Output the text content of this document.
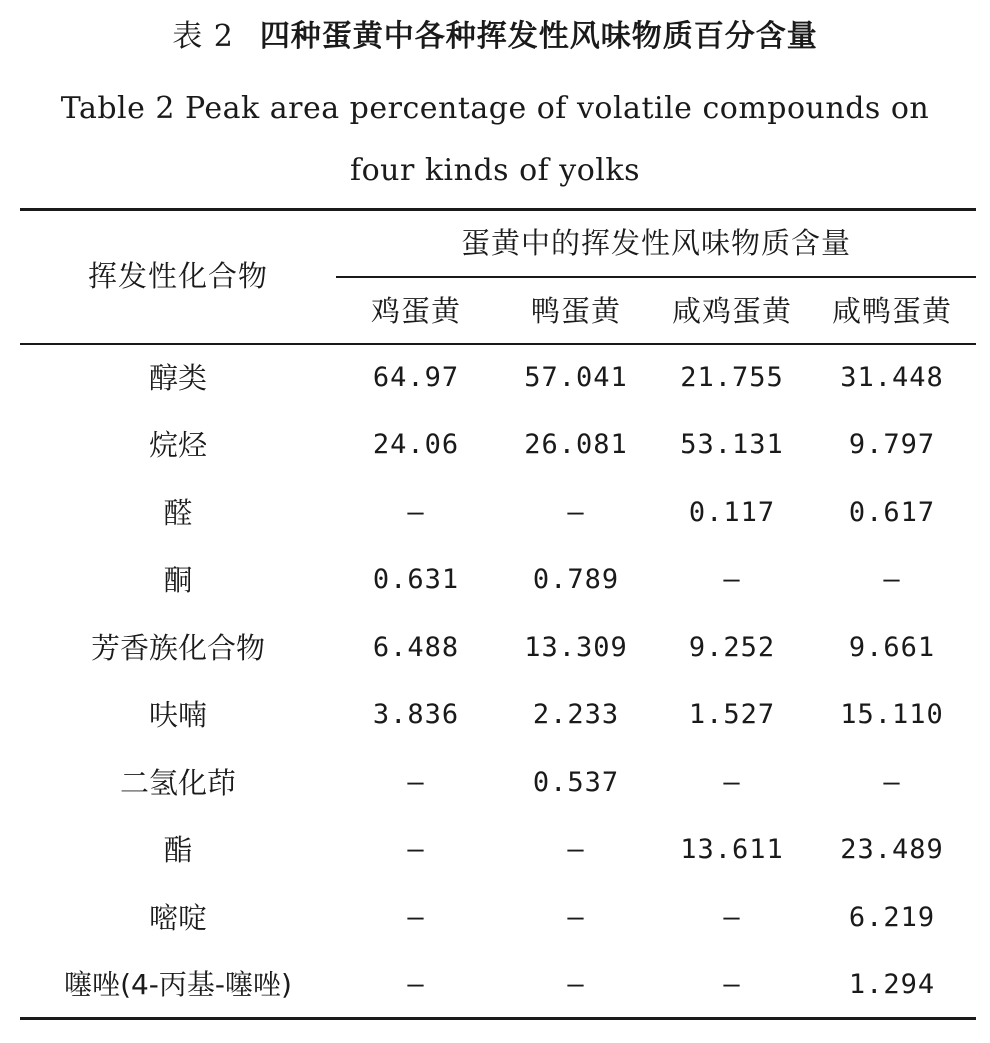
表 2 四种蛋黄中各种挥发性风味物质百分含量
Table 2 Peak area percentage of volatile compounds on
four kinds of yolks
挥发性化合物
蛋黄中的挥发性风味物质含量
鸡蛋黄	鸭蛋黄	咸鸡蛋黄	咸鸭蛋黄
醇类	64.97	57.041	21.755	31.448
烷烃	24.06	26.081	53.131	9.797
醛	—	—	0.117	0.617
酮	0.631	0.789	—	—
芳香族化合物	6.488	13.309	9.252	9.661
呋喃	3.836	2.233	1.527	15.110
二氢化茚	—	0.537	—	—
酯	—	—	13.611	23.489
嘧啶	—	—	—	6.219
噻唑(4-丙基-噻唑)	—	—	—	1.294
